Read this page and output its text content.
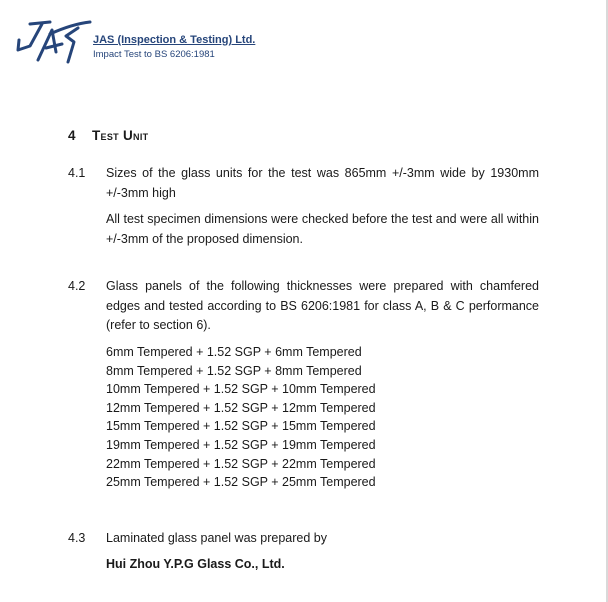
JAS (Inspection & Testing) Ltd.
Impact Test to BS 6206:1981
4 Test Unit
4.1 Sizes of the glass units for the test was 865mm +/-3mm wide by 1930mm +/-3mm high
All test specimen dimensions were checked before the test and were all within +/-3mm of the proposed dimension.
4.2 Glass panels of the following thicknesses were prepared with chamfered edges and tested according to BS 6206:1981 for class A, B & C performance (refer to section 6).
6mm Tempered + 1.52 SGP + 6mm Tempered
8mm Tempered + 1.52 SGP + 8mm Tempered
10mm Tempered + 1.52 SGP + 10mm Tempered
12mm Tempered + 1.52 SGP + 12mm Tempered
15mm Tempered + 1.52 SGP + 15mm Tempered
19mm Tempered + 1.52 SGP + 19mm Tempered
22mm Tempered + 1.52 SGP + 22mm Tempered
25mm Tempered + 1.52 SGP + 25mm Tempered
4.3 Laminated glass panel was prepared by
Hui Zhou Y.P.G Glass Co., Ltd.
